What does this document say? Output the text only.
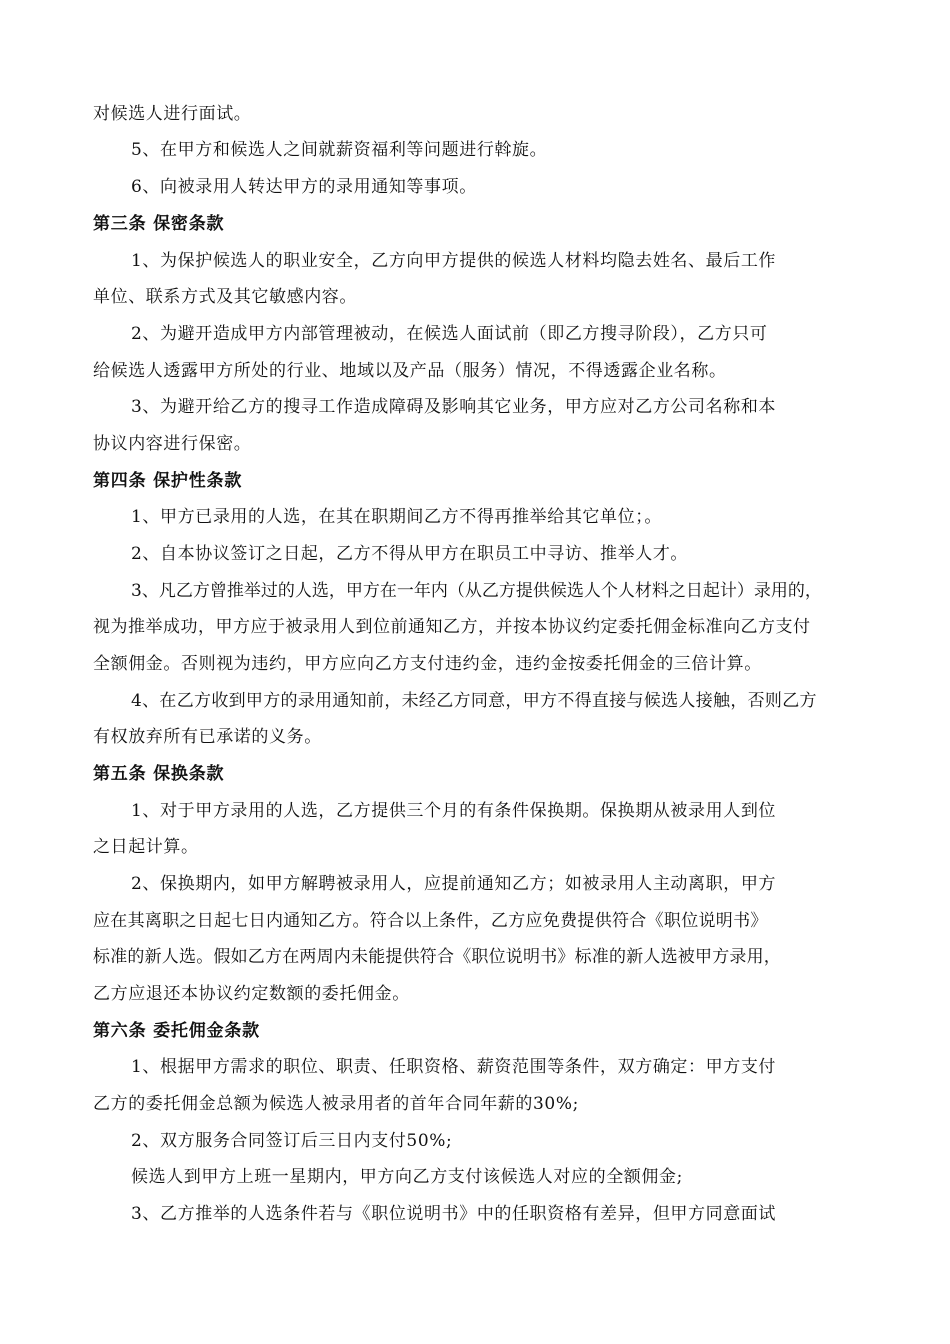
对候选人进行面试。
5、在甲方和候选人之间就薪资福利等问题进行斡旋。
6、向被录用人转达甲方的录用通知等事项。
第三条 保密条款
1、为保护候选人的职业安全，乙方向甲方提供的候选人材料均隐去姓名、最后工作
单位、联系方式及其它敏感内容。
2、为避开造成甲方内部管理被动，在候选人面试前（即乙方搜寻阶段），乙方只可
给候选人透露甲方所处的行业、地域以及产品（服务）情况，不得透露企业名称。
3、为避开给乙方的搜寻工作造成障碍及影响其它业务，甲方应对乙方公司名称和本
协议内容进行保密。
第四条 保护性条款
1、甲方已录用的人选，在其在职期间乙方不得再推举给其它单位；。
2、自本协议签订之日起，乙方不得从甲方在职员工中寻访、推举人才。
3、凡乙方曾推举过的人选，甲方在一年内（从乙方提供候选人个人材料之日起计）录用的，
视为推举成功，甲方应于被录用人到位前通知乙方，并按本协议约定委托佣金标准向乙方支付
全额佣金。否则视为违约，甲方应向乙方支付违约金，违约金按委托佣金的三倍计算。
4、在乙方收到甲方的录用通知前，未经乙方同意，甲方不得直接与候选人接触，否则乙方
有权放弃所有已承诺的义务。
第五条 保换条款
1、对于甲方录用的人选，乙方提供三个月的有条件保换期。保换期从被录用人到位
之日起计算。
2、保换期内，如甲方解聘被录用人，应提前通知乙方；如被录用人主动离职，甲方
应在其离职之日起七日内通知乙方。符合以上条件，乙方应免费提供符合《职位说明书》
标准的新人选。假如乙方在两周内未能提供符合《职位说明书》标准的新人选被甲方录用，
乙方应退还本协议约定数额的委托佣金。
第六条 委托佣金条款
1、根据甲方需求的职位、职责、任职资格、薪资范围等条件，双方确定：甲方支付
乙方的委托佣金总额为候选人被录用者的首年合同年薪的30%;
2、双方服务合同签订后三日内支付50%;
候选人到甲方上班一星期内，甲方向乙方支付该候选人对应的全额佣金;
3、乙方推举的人选条件若与《职位说明书》中的任职资格有差异，但甲方同意面试
